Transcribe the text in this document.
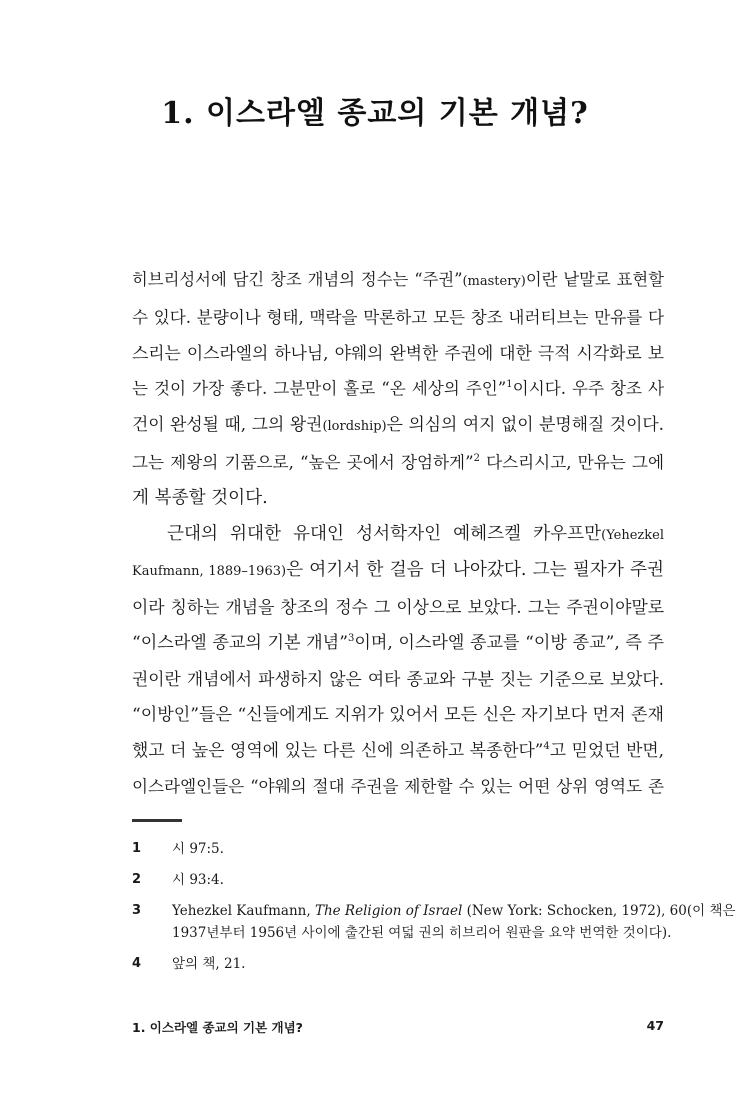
1. 이스라엘 종교의 기본 개념?
히브리성서에 담긴 창조 개념의 정수는 “주권”(mastery)이란 낱말로 표현할
수 있다. 분량이나 형태, 맥락을 막론하고 모든 창조 내러티브는 만유를 다
스리는 이스라엘의 하나님, 야웨의 완벽한 주권에 대한 극적 시각화로 보
는 것이 가장 좋다. 그분만이 홀로 “온 세상의 주인”$^1$이시다. 우주 창조 사
건이 완성될 때, 그의 왕권(lordship)은 의심의 여지 없이 분명해질 것이다.
그는 제왕의 기품으로, “높은 곳에서 장엄하게”$^2$ 다스리시고, 만유는 그에
게 복종할 것이다.
근대의 위대한 유대인 성서학자인 예헤즈켈 카우프만(Yehezkel
Kaufmann, 1889–1963)은 여기서 한 걸음 더 나아갔다. 그는 필자가 주권
이라 칭하는 개념을 창조의 정수 그 이상으로 보았다. 그는 주권이야말로
“이스라엘 종교의 기본 개념”$^3$이며, 이스라엘 종교를 “이방 종교”, 즉 주
권이란 개념에서 파생하지 않은 여타 종교와 구분 짓는 기준으로 보았다.
“이방인”들은 “신들에게도 지위가 있어서 모든 신은 자기보다 먼저 존재
했고 더 높은 영역에 있는 다른 신에 의존하고 복종한다”$^4$고 믿었던 반면,
이스라엘인들은 “야웨의 절대 주권을 제한할 수 있는 어떤 상위 영역도 존
1	시 97:5.
2	시 93:4.
3	Yehezkel Kaufmann, The Religion of Israel (New York: Schocken, 1972), 60(이 책은
1937년부터 1956년 사이에 출간된 여덟 권의 히브리어 원판을 요약 번역한 것이다).
4	앞의 책, 21.
1. 이스라엘 종교의 기본 개념?	47
